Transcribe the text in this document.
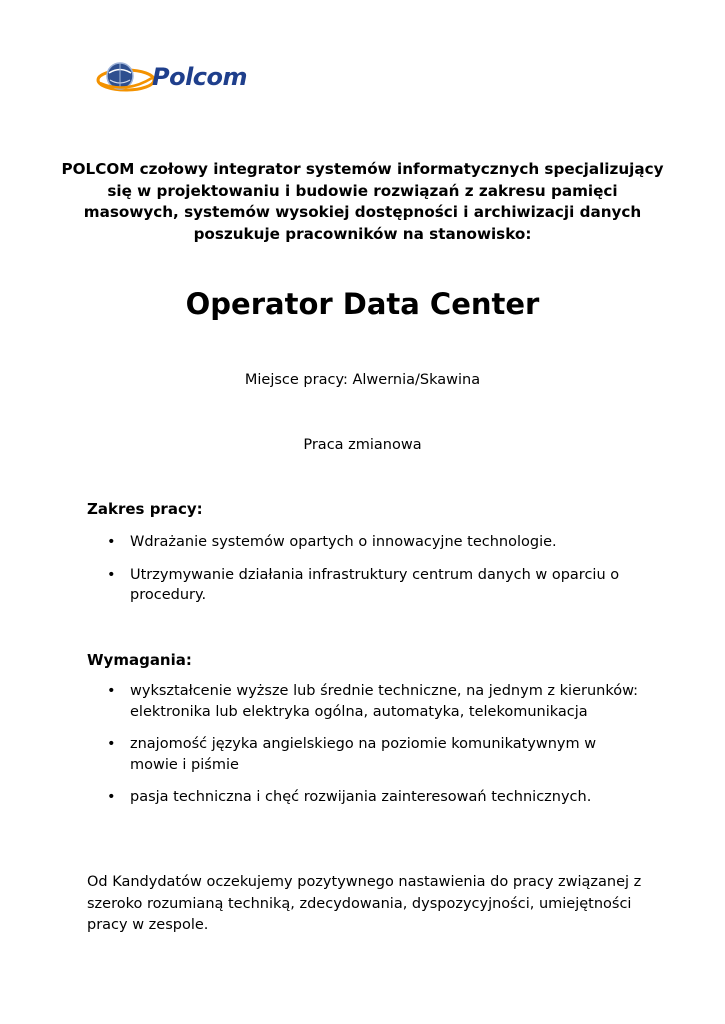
Polcom
POLCOM czołowy integrator systemów informatycznych specjalizujący się w projektowaniu i budowie rozwiązań z zakresu pamięci masowych, systemów wysokiej dostępności i archiwizacji danych poszukuje pracowników na stanowisko:
Operator Data Center
Miejsce pracy: Alwernia/Skawina
Praca zmianowa
Zakres pracy:
• Wdrażanie systemów opartych o innowacyjne technologie.
• Utrzymywanie działania infrastruktury centrum danych w oparciu o procedury.
Wymagania:
• wykształcenie wyższe lub średnie techniczne, na jednym z kierunków: elektronika lub elektryka ogólna, automatyka, telekomunikacja
• znajomość języka angielskiego na poziomie komunikatywnym w mowie i piśmie
• pasja techniczna i chęć rozwijania zainteresowań technicznych.
Od Kandydatów oczekujemy pozytywnego nastawienia do pracy związanej z szeroko rozumianą techniką, zdecydowania, dyspozycyjności, umiejętności pracy w zespole.
